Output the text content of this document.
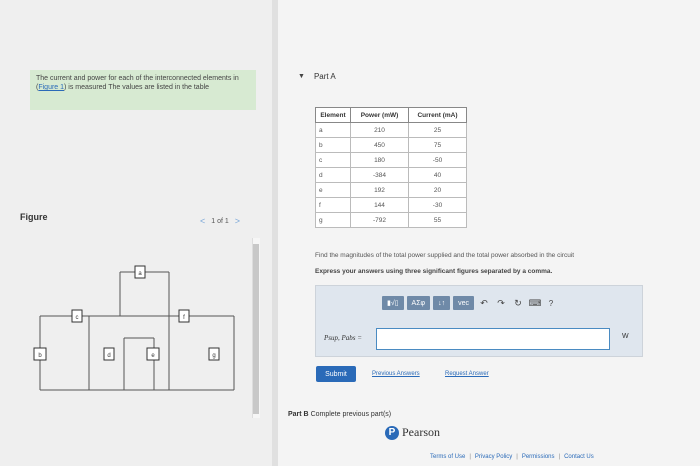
The current and power for each of the interconnected elements in (Figure 1) is measured The values are listed in the table
Figure	< 1 of 1 >
a
b
c
d	e
f
g
▼ Part A
Element	Power (mW)	Current (mA)
a	210	25
b	450	75
c	180	-50
d	-384	40
e	192	20
f	144	-30
g	-792	55
Find the magnitudes of the total power supplied and the total power absorbed in the circuit
Express your answers using three significant figures separated by a comma.
▮√▯	ΑΣφ	↓↑	vec	↶	↷	↻ ⌨ ?
Psup, Pabs =	W
Submit	Previous Answers	Request Answer
Part B Complete previous part(s)
P Pearson
Terms of Use | Privacy Policy | Permissions | Contact Us
